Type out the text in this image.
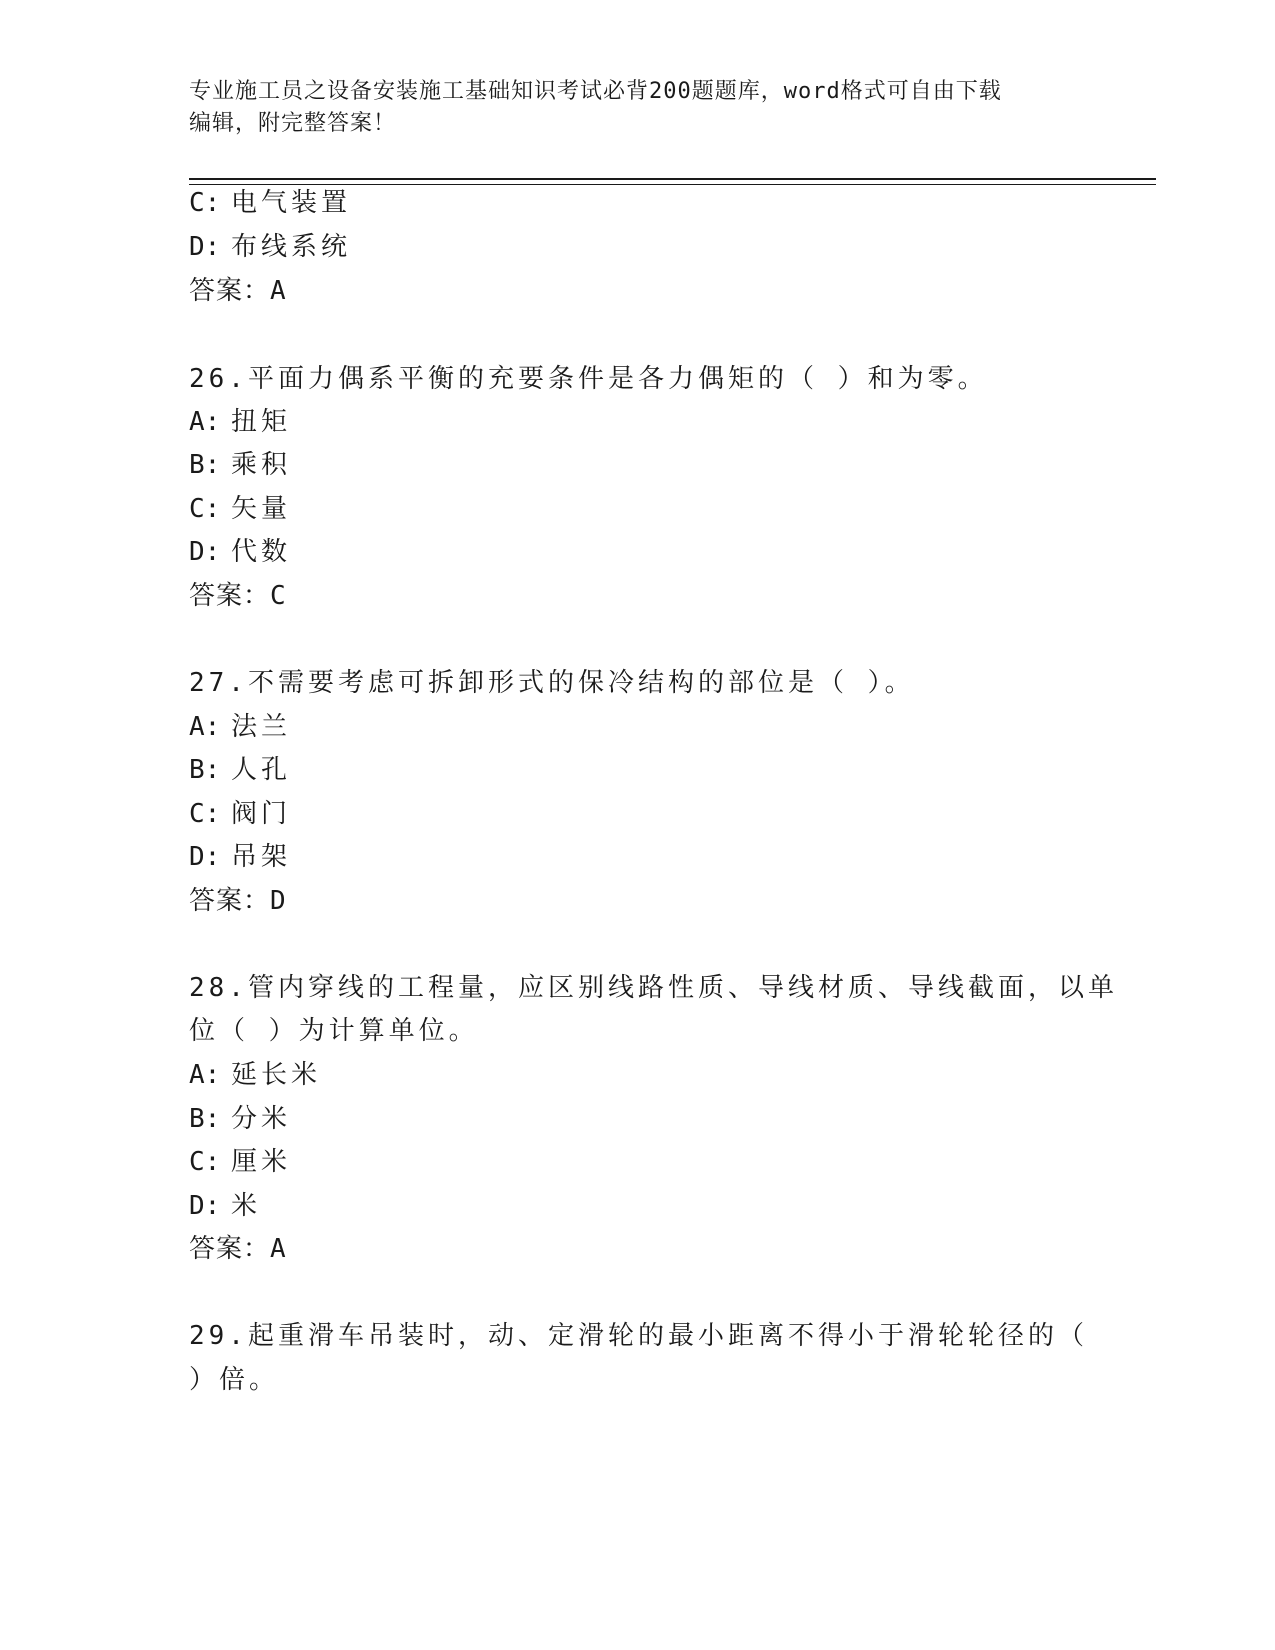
专业施工员之设备安装施工基础知识考试必背200题题库，word格式可自由下载
编辑，附完整答案！
C: 电气装置
D: 布线系统
答案：A
26.平面力偶系平衡的充要条件是各力偶矩的（ ）和为零。
A: 扭矩
B: 乘积
C: 矢量
D: 代数
答案：C
27.不需要考虑可拆卸形式的保冷结构的部位是（ ）。
A: 法兰
B: 人孔
C: 阀门
D: 吊架
答案：D
28.管内穿线的工程量，应区别线路性质、导线材质、导线截面，以单
位（ ）为计算单位。
A: 延长米
B: 分米
C: 厘米
D: 米
答案：A
29.起重滑车吊装时，动、定滑轮的最小距离不得小于滑轮轮径的（
）倍。
